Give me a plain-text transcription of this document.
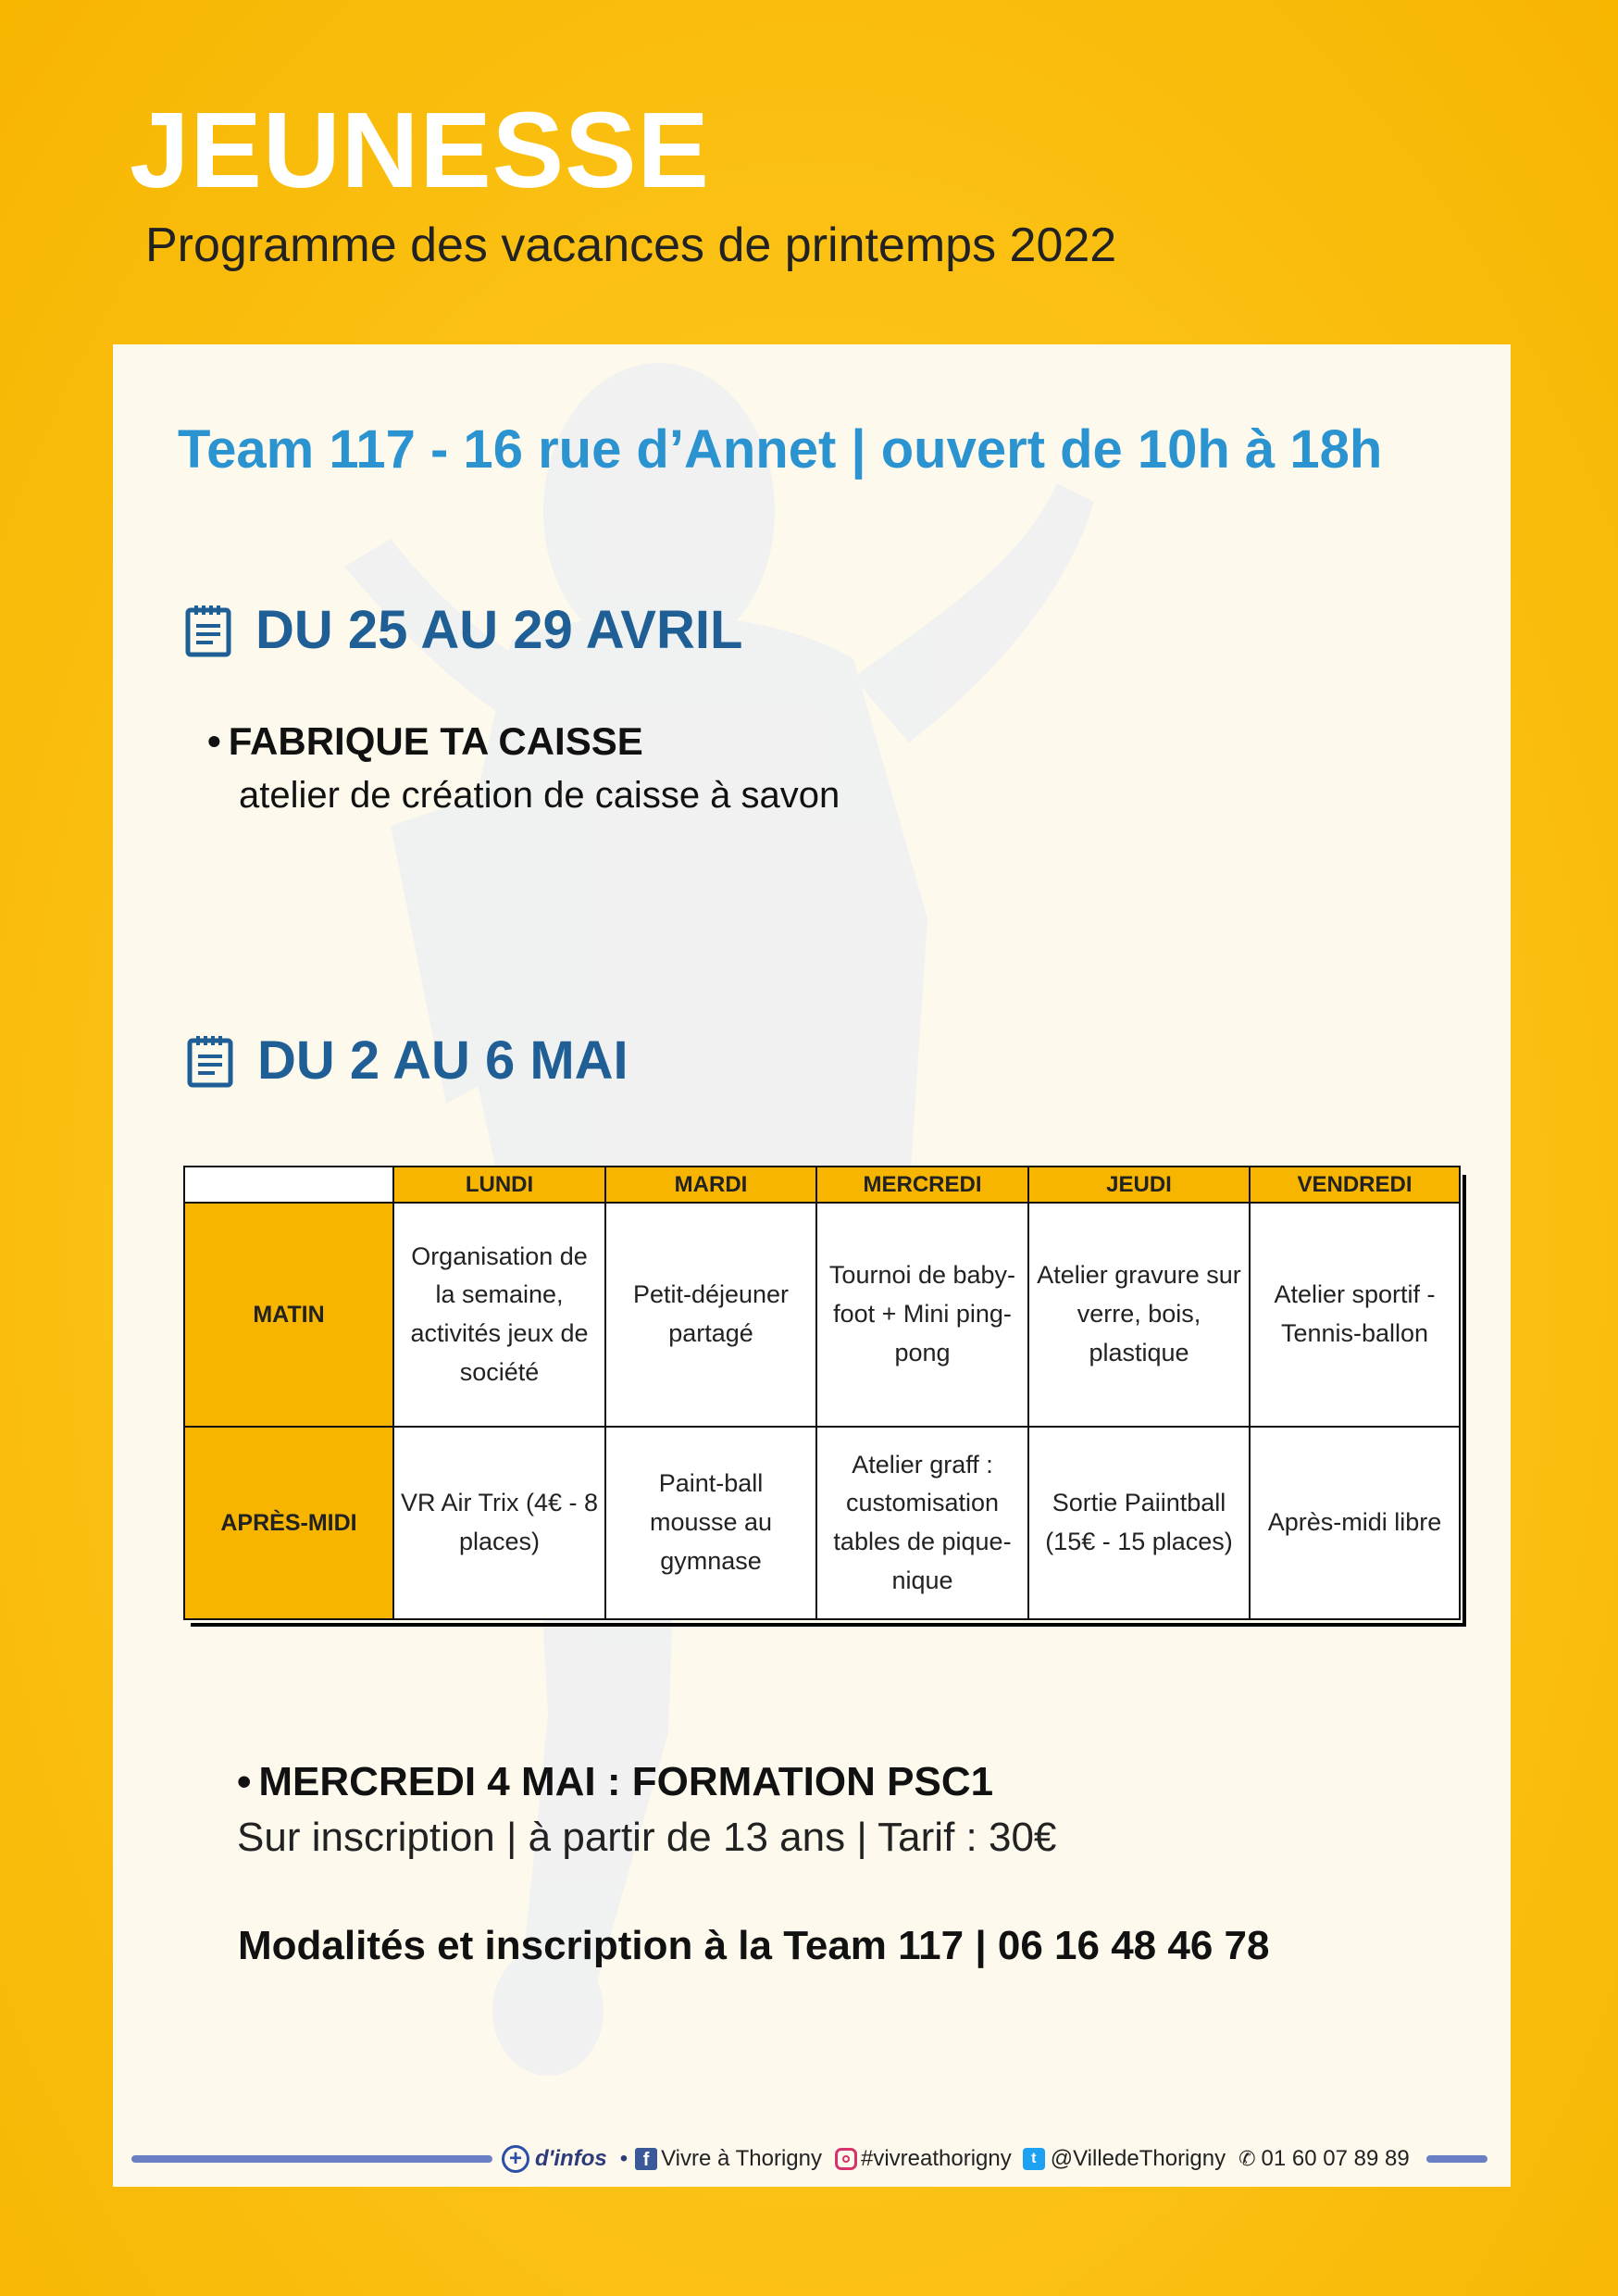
JEUNESSE
Programme des vacances de printemps 2022
Team 117 - 16 rue d’Annet | ouvert de 10h à 18h
DU 25 AU 29 AVRIL
• FABRIQUE TA CAISSE
atelier de création de caisse à savon
DU 2 AU 6 MAI
	LUNDI	MARDI	MERCREDI	JEUDI	VENDREDI
MATIN	Organisation de la semaine, activités jeux de société	Petit-déjeuner partagé	Tournoi de baby-foot + Mini ping-pong	Atelier gravure sur verre, bois, plastique	Atelier sportif - Tennis-ballon
APRÈS-MIDI	VR Air Trix (4€ - 8 places)	Paint-ball mousse au gymnase	Atelier graff : customisation tables de pique-nique	Sortie Paiintball (15€ - 15 places)	Après-midi libre
• MERCREDI 4 MAI : FORMATION PSC1
Sur inscription | à partir de 13 ans | Tarif : 30€
Modalités et inscription à la Team 117 | 06 16 48 46 78
+ d'infos • f Vivre à Thorigny #vivreathorigny	t @VilledeThorigny ✆ 01 60 07 89 89
